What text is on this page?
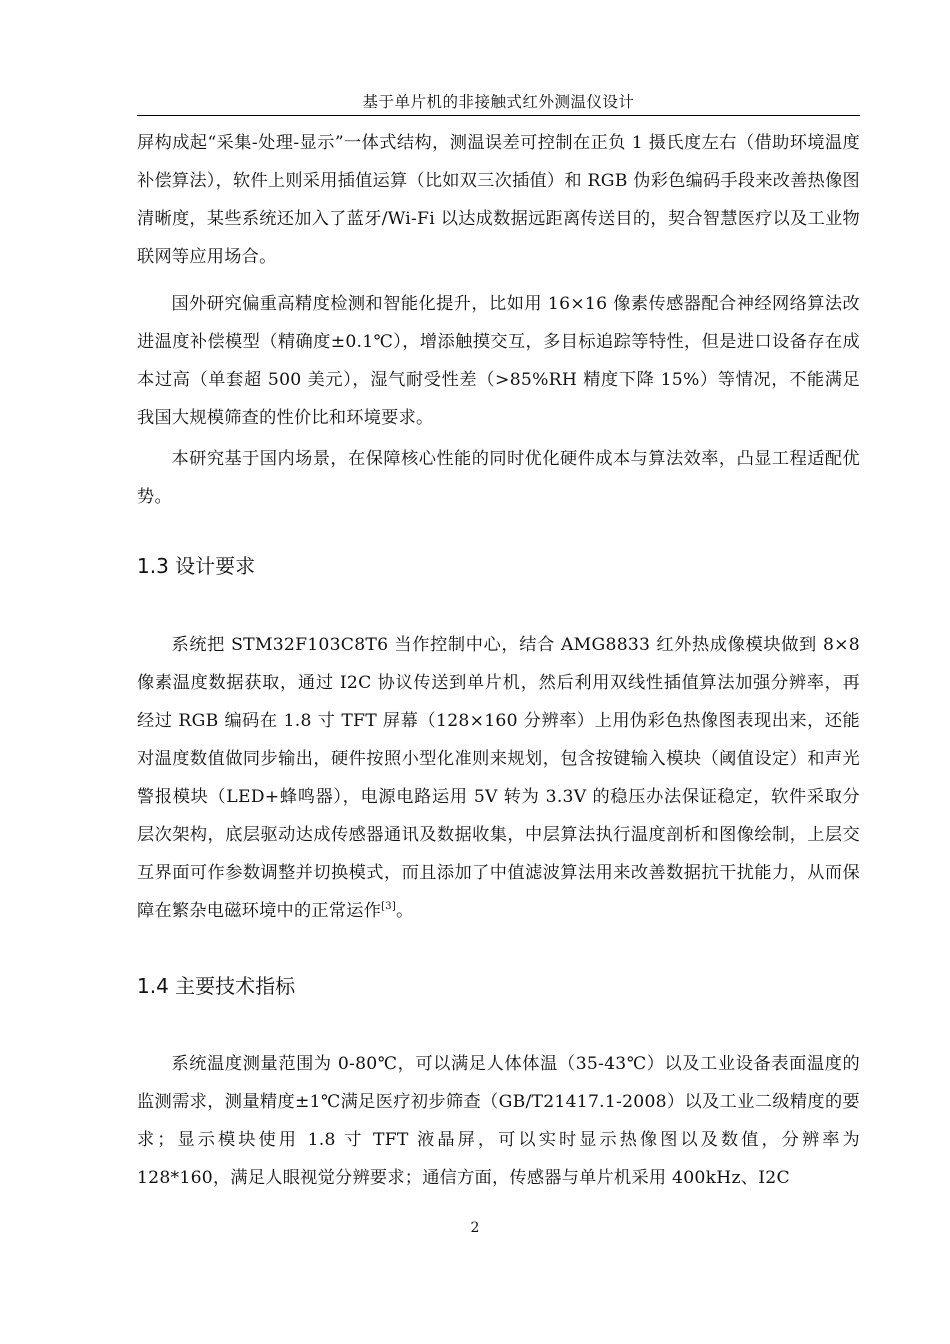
基于单片机的非接触式红外测温仪设计

屏构成起“采集-处理-显示”一体式结构，测温误差可控制在正负 1 摄氏度左右（借助环境温度补偿算法），软件上则采用插值运算（比如双三次插值）和 RGB 伪彩色编码手段来改善热像图清晰度，某些系统还加入了蓝牙/Wi-Fi 以达成数据远距离传送目的，契合智慧医疗以及工业物联网等应用场合。

国外研究偏重高精度检测和智能化提升，比如用 16×16 像素传感器配合神经网络算法改进温度补偿模型（精确度±0.1℃），增添触摸交互，多目标追踪等特性，但是进口设备存在成本过高（单套超 500 美元），湿气耐受性差（>85%RH 精度下降 15%）等情况，不能满足我国大规模筛查的性价比和环境要求。

本研究基于国内场景，在保障核心性能的同时优化硬件成本与算法效率，凸显工程适配优势。

1.3 设计要求

系统把 STM32F103C8T6 当作控制中心，结合 AMG8833 红外热成像模块做到 8×8 像素温度数据获取，通过 I2C 协议传送到单片机，然后利用双线性插值算法加强分辨率，再经过 RGB 编码在 1.8 寸 TFT 屏幕（128×160 分辨率）上用伪彩色热像图表现出来，还能对温度数值做同步输出，硬件按照小型化准则来规划，包含按键输入模块（阈值设定）和声光警报模块（LED+蜂鸣器），电源电路运用 5V 转为 3.3V 的稳压办法保证稳定，软件采取分层次架构，底层驱动达成传感器通讯及数据收集，中层算法执行温度剖析和图像绘制，上层交互界面可作参数调整并切换模式，而且添加了中值滤波算法用来改善数据抗干扰能力，从而保障在繁杂电磁环境中的正常运作[3]。

1.4 主要技术指标

系统温度测量范围为 0-80℃，可以满足人体体温（35-43℃）以及工业设备表面温度的监测需求，测量精度±1℃满足医疗初步筛查（GB/T21417.1-2008）以及工业二级精度的要求；显示模块使用 1.8 寸 TFT 液晶屏，可以实时显示热像图以及数值，分辨率为 128*160，满足人眼视觉分辨要求；通信方面，传感器与单片机采用 400kHz、I2C

2
